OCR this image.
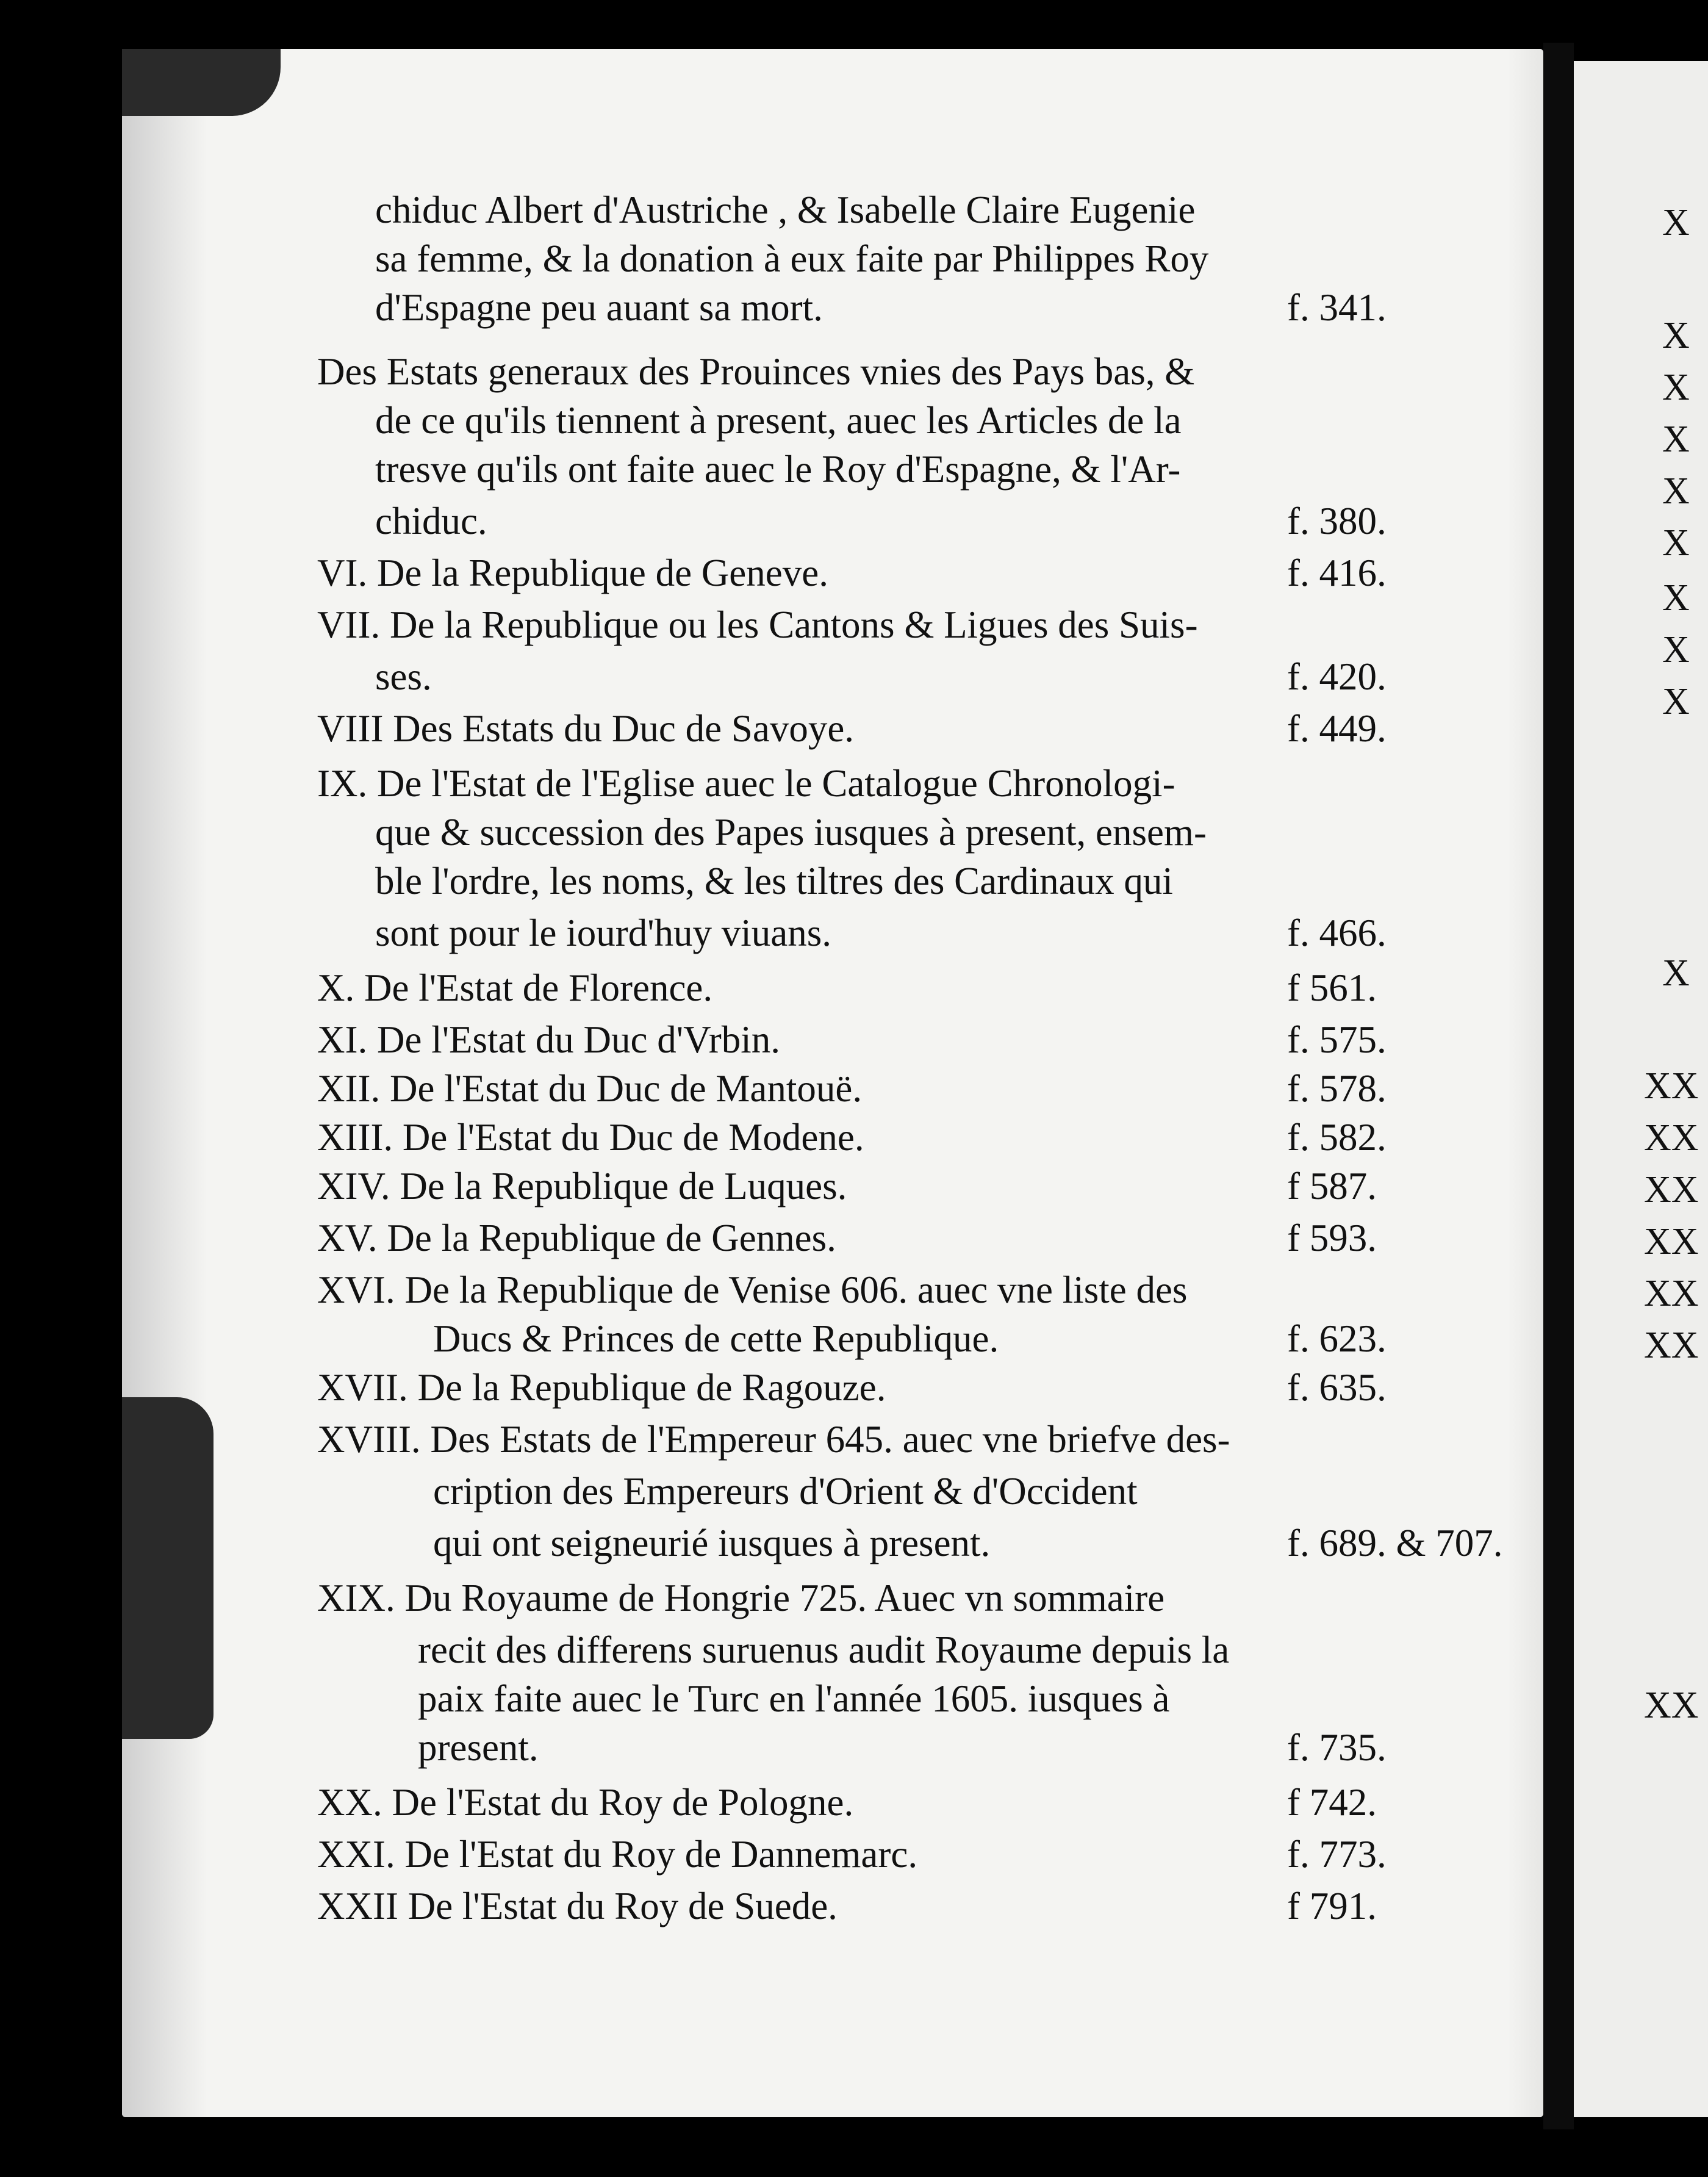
chiduc Albert d'Austriche , & Isabelle Claire Eugenie
sa femme, & la donation à eux faite par Philippes Roy
d'Espagne peu auant sa mort.	f. 341.
Des Estats generaux des Prouinces vnies des Pays bas, &
de ce qu'ils tiennent à present, auec les Articles de la
tresve qu'ils ont faite auec le Roy d'Espagne, & l'Ar-
chiduc.	f. 380.
VI. De la Republique de Geneve.	f. 416.
VII. De la Republique ou les Cantons & Ligues des Suis-
ses.	f. 420.
VIII Des Estats du Duc de Savoye.	f. 449.
IX. De l'Estat de l'Eglise auec le Catalogue Chronologi-
que & succession des Papes iusques à present, ensem-
ble l'ordre, les noms, & les tiltres des Cardinaux qui
sont pour le iourd'huy viuans.	f. 466.
X. De l'Estat de Florence.	f 561.
XI. De l'Estat du Duc d'Vrbin.	f. 575.
XII. De l'Estat du Duc de Mantouë.	f. 578.
XIII. De l'Estat du Duc de Modene.	f. 582.
XIV. De la Republique de Luques.	f 587.
XV. De la Republique de Gennes.	f 593.
XVI. De la Republique de Venise 606. auec vne liste des
Ducs & Princes de cette Republique.	f. 623.
XVII. De la Republique de Ragouze.	f. 635.
XVIII. Des Estats de l'Empereur 645. auec vne briefve des-
cription des Empereurs d'Orient & d'Occident
qui ont seigneurié iusques à present.	f. 689. & 707.
XIX. Du Royaume de Hongrie 725. Auec vn sommaire
recit des differens suruenus audit Royaume depuis la
paix faite auec le Turc en l'année 1605. iusques à
present.	f. 735.
XX. De l'Estat du Roy de Pologne.	f 742.
XXI. De l'Estat du Roy de Dannemarc.	f. 773.
XXII De l'Estat du Roy de Suede.	f 791.
X
X
X
X
X
X
X
X
X
X
XX
XX
XX
XX
XX
XX
XX
